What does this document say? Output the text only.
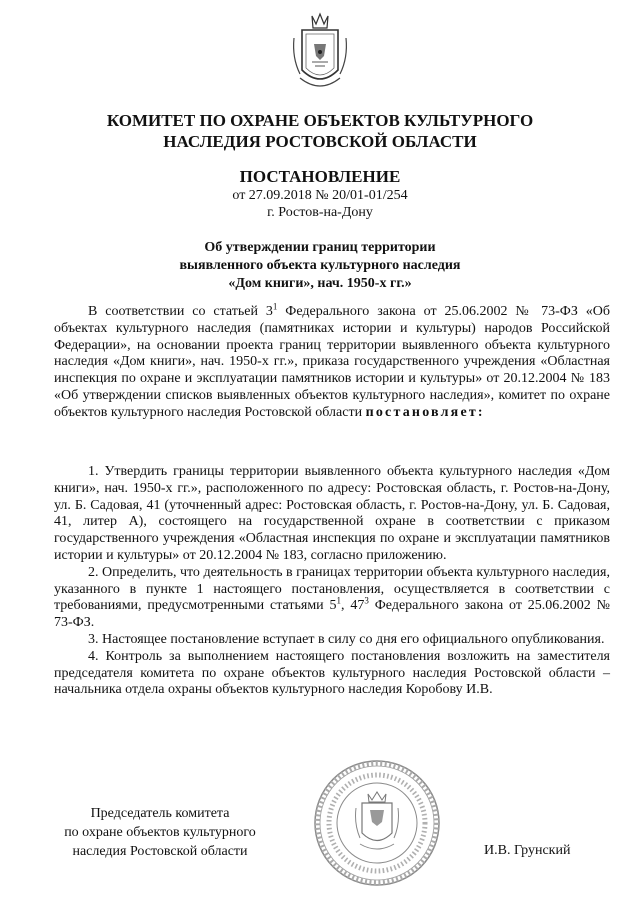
КОМИТЕТ ПО ОХРАНЕ ОБЪЕКТОВ КУЛЬТУРНОГО
НАСЛЕДИЯ РОСТОВСКОЙ ОБЛАСТИ
ПОСТАНОВЛЕНИЕ
от 27.09.2018 № 20/01-01/254
г. Ростов-на-Дону
Об утверждении границ территории
выявленного объекта культурного наследия
«Дом книги», нач. 1950-х гг.»

В соответствии со статьей $3^1$ Федерального закона от 25.06.2002 № 73-ФЗ «Об объектах культурного наследия (памятниках истории и культуры) народов Российской Федерации», на основании проекта границ территории выявленного объекта культурного наследия «Дом книги», нач. 1950-х гг.», приказа государственного учреждения «Областная инспекция по охране и эксплуатации памятников истории и культуры» от 20.12.2004 № 183 «Об утверждении списков выявленных объектов культурного наследия», комитет по охране объектов культурного наследия Ростовской области постановляет:

1. Утвердить границы территории выявленного объекта культурного наследия «Дом книги», нач. 1950-х гг.», расположенного по адресу: Ростовская область, г. Ростов-на-Дону, ул. Б. Садовая, 41 (уточненный адрес: Ростовская область, г. Ростов-на-Дону, ул. Б. Садовая, 41, литер А), состоящего на государственной охране в соответствии с приказом государственного учреждения «Областная инспекция по охране и эксплуатации памятников истории и культуры» от 20.12.2004 № 183, согласно приложению.

2. Определить, что деятельность в границах территории объекта культурного наследия, указанного в пункте 1 настоящего постановления, осуществляется в соответствии с требованиями, предусмотренными статьями $5^1$, $47^3$ Федерального закона от 25.06.2002 № 73-ФЗ.

3. Настоящее постановление вступает в силу со дня его официального опубликования.

4. Контроль за выполнением настоящего постановления возложить на заместителя председателя комитета по охране объектов культурного наследия Ростовской области – начальника отдела охраны объектов культурного наследия Коробову И.В.

Председатель комитета
по охране объектов культурного
наследия Ростовской области	И.В. Грунский
